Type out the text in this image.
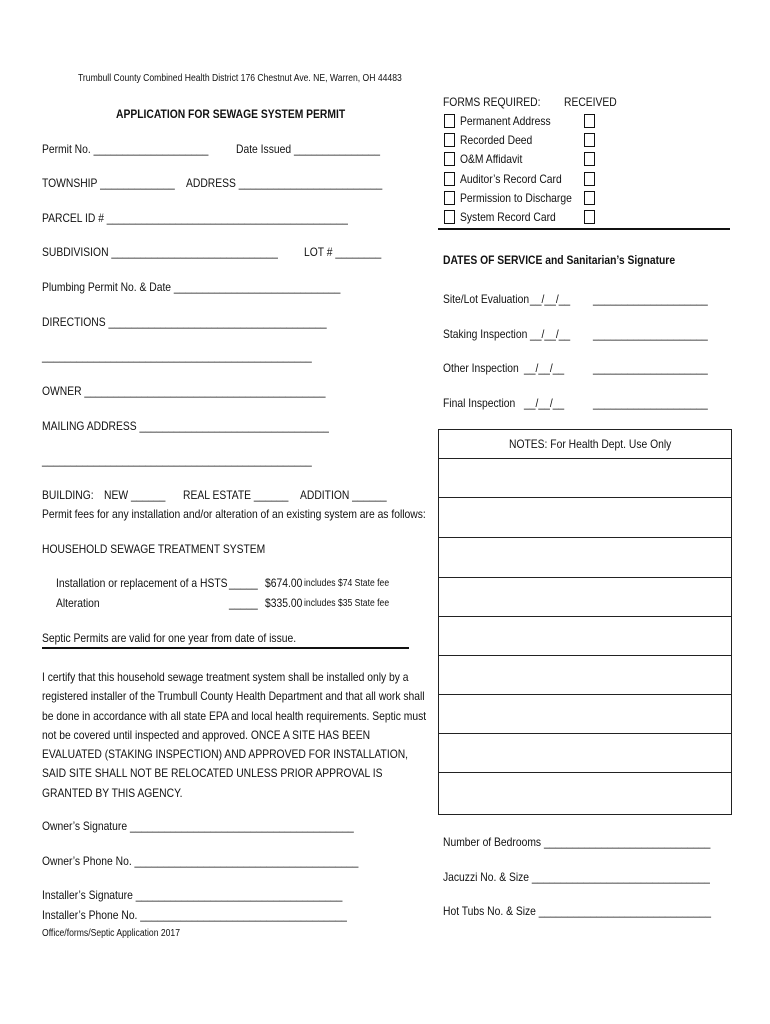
Trumbull County Combined Health District 176 Chestnut Ave. NE, Warren, OH 44483
APPLICATION FOR SEWAGE SYSTEM PERMIT
Permit No. ____________________ Date Issued _______________
TOWNSHIP _____________ ADDRESS _________________________
PARCEL ID # __________________________________________
SUBDIVISION _____________________________ LOT # ________
Plumbing Permit No. & Date _____________________________
DIRECTIONS ______________________________________
_______________________________________________
OWNER __________________________________________
MAILING ADDRESS _________________________________
_______________________________________________
BUILDING: NEW ______ REAL ESTATE ______ ADDITION ______
Permit fees for any installation and/or alteration of an existing system are as follows:
HOUSEHOLD SEWAGE TREATMENT SYSTEM
Installation or replacement of a HSTS _____ $674.00 includes $74 State fee
Alteration	_____ $335.00 includes $35 State fee
Septic Permits are valid for one year from date of issue.
I certify that this household sewage treatment system shall be installed only by a
registered installer of the Trumbull County Health Department and that all work shall
be done in accordance with all state EPA and local health requirements. Septic must
not be covered until inspected and approved. ONCE A SITE HAS BEEN
EVALUATED (STAKING INSPECTION) AND APPROVED FOR INSTALLATION,
SAID SITE SHALL NOT BE RELOCATED UNLESS PRIOR APPROVAL IS
GRANTED BY THIS AGENCY.
Owner’s Signature _______________________________________
Owner’s Phone No. _______________________________________
Installer’s Signature ____________________________________
Installer’s Phone No. ____________________________________
Office/forms/Septic Application 2017
FORMS REQUIRED: RECEIVED
Permanent Address
Recorded Deed
O&M Affidavit
Auditor’s Record Card
Permission to Discharge
System Record Card
DATES OF SERVICE and Sanitarian’s Signature
Site/Lot Evaluation __/__/__ ____________________
Staking Inspection __/__/__ ____________________
Other Inspection __/__/__ ____________________
Final Inspection __/__/__ ____________________
NOTES: For Health Dept. Use Only
Number of Bedrooms _____________________________
Jacuzzi No. & Size _______________________________
Hot Tubs No. & Size ______________________________
